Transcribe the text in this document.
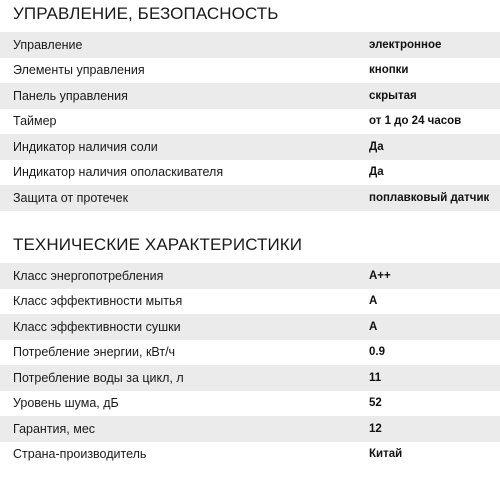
УПРАВЛЕНИЕ, БЕЗОПАСНОСТЬ
Управление	электронное
Элементы управления	кнопки
Панель управления	скрытая
Таймер	от 1 до 24 часов
Индикатор наличия соли	Да
Индикатор наличия ополаскивателя	Да
Защита от протечек	поплавковый датчик
ТЕХНИЧЕСКИЕ ХАРАКТЕРИСТИКИ
Класс энергопотребления	A++
Класс эффективности мытья	A
Класс эффективности сушки	A
Потребление энергии, кВт/ч	0.9
Потребление воды за цикл, л	11
Уровень шума, дБ	52
Гарантия, мес	12
Страна-производитель	Китай
